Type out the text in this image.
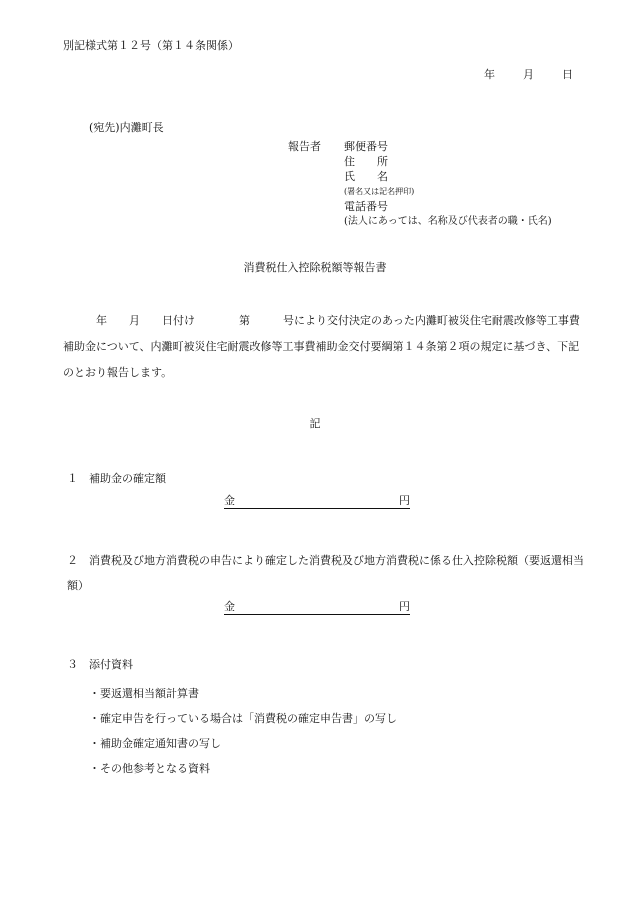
別記様式第１２号（第１４条関係）
年	月	日
(宛先)内灘町長
報告者	郵便番号
住　　所
氏　　名
(署名又は記名押印)
電話番号
(法人にあっては、名称及び代表者の職・氏名)
消費税仕入控除税額等報告書
　　　年　　月　　日付け　　　　第　　　号により交付決定のあった内灘町被災住宅耐震改修等工事費補助金について、内灘町被災住宅耐震改修等工事費補助金交付要綱第１４条第２項の規定に基づき、下記のとおり報告します。
記
１　補助金の確定額
金	円
２　消費税及び地方消費税の申告により確定した消費税及び地方消費税に係る仕入控除税額（要返還相当額）
金	円
３　添付資料
・要返還相当額計算書
・確定申告を行っている場合は「消費税の確定申告書」の写し
・補助金確定通知書の写し
・その他参考となる資料
